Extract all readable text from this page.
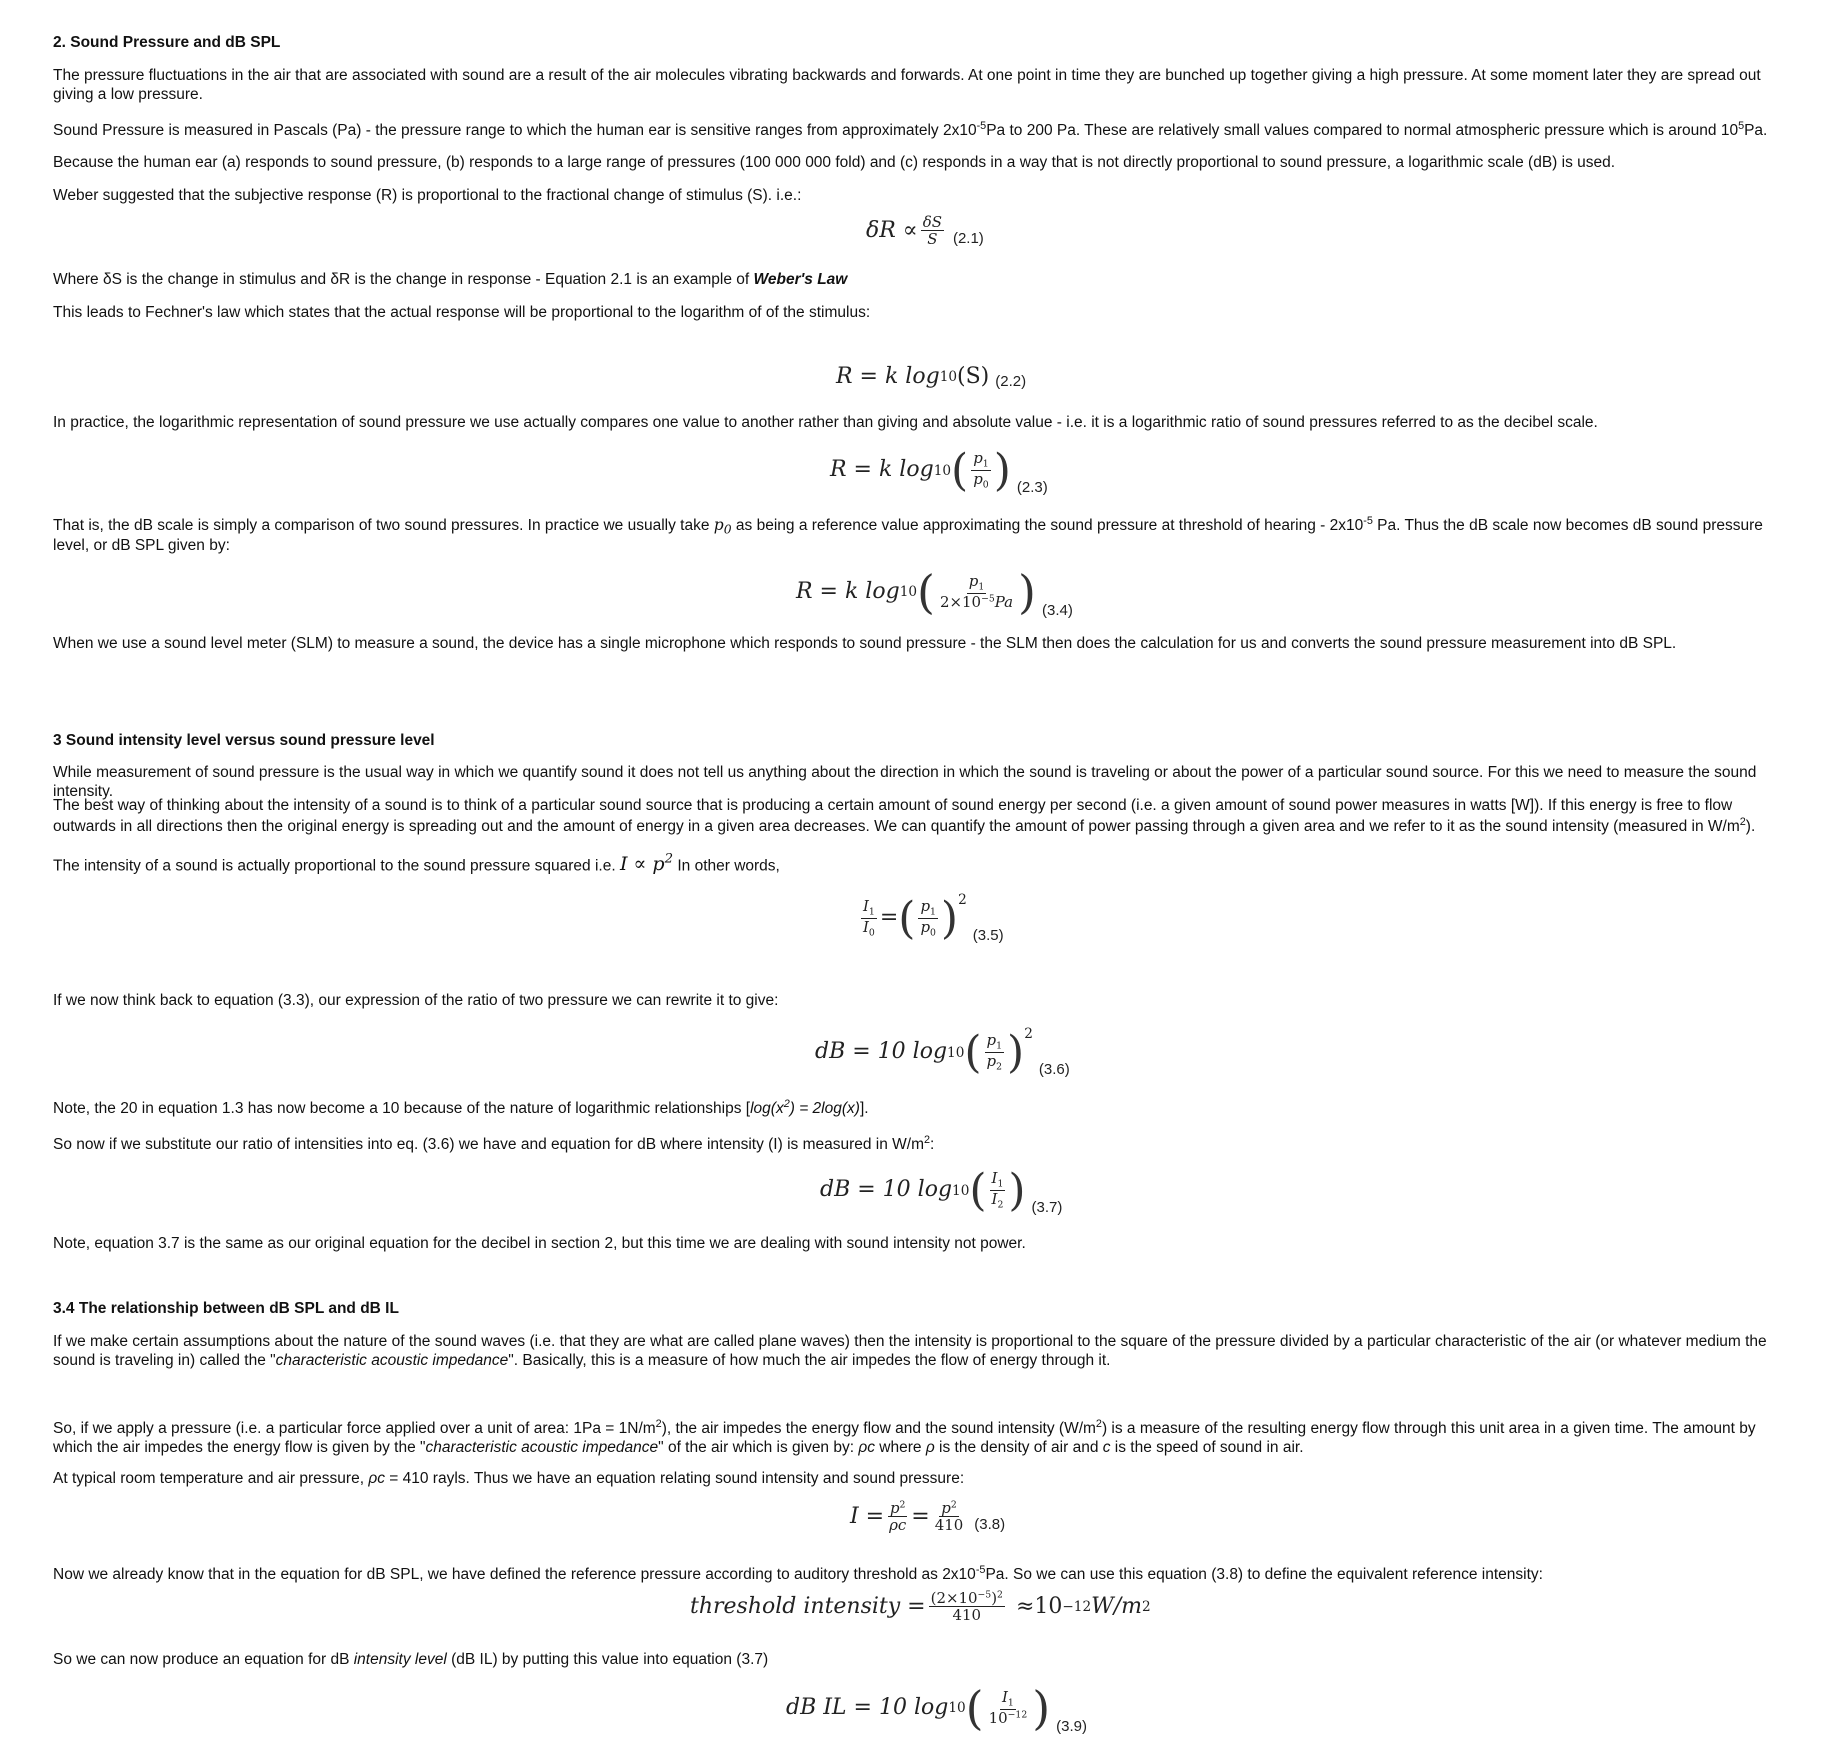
2. Sound Pressure and dB SPL

The pressure fluctuations in the air that are associated with sound are a result of the air molecules vibrating backwards and forwards. At one point in time they are bunched up together giving a high pressure. At some moment later they are spread out giving a low pressure.

Sound Pressure is measured in Pascals (Pa) - the pressure range to which the human ear is sensitive ranges from approximately $2x10^{-5}Pa$ to 200 Pa. These are relatively small values compared to normal atmospheric pressure which is around $10^5Pa$.

Because the human ear (a) responds to sound pressure, (b) responds to a large range of pressures (100 000 000 fold) and (c) responds in a way that is not directly proportional to sound pressure, a logarithmic scale (dB) is used.

Weber suggested that the subjective response (R) is proportional to the fractional change of stimulus (S). i.e.:

$\delta R \propto \frac{\delta S}{S} (2.1)$

Where δS is the change in stimulus and δR is the change in response - Equation 2.1 is an example of Weber's Law

This leads to Fechner's law which states that the actual response will be proportional to the logarithm of of the stimulus:

R = k log 10 (S) (2.2)

In practice, the logarithmic representation of sound pressure we use actually compares one value to another rather than giving and absolute value - i.e. it is a logarithmic ratio of sound pressures referred to as the decibel scale.

R = k log 10 ( $\frac{p_1}{p_0}$ ) (2.3)

That is, the dB scale is simply a comparison of two sound pressures. In practice we usually take $p_0$ as being a reference value approximating the sound pressure at threshold of hearing - $2x10^{-5}$ Pa. Thus the dB scale now becomes dB sound pressure level, or dB SPL given by:

R = k log 10 ( $\frac{p_1}{2\times 10^{-5}Pa}$ ) (3.4)

When we use a sound level meter (SLM) to measure a sound, the device has a single microphone which responds to sound pressure - the SLM then does the calculation for us and converts the sound pressure measurement into dB SPL.

3 Sound intensity level versus sound pressure level

While measurement of sound pressure is the usual way in which we quantify sound it does not tell us anything about the direction in which the sound is traveling or about the power of a particular sound source. For this we need to measure the sound intensity.

The best way of thinking about the intensity of a sound is to think of a particular sound source that is producing a certain amount of sound energy per second (i.e. a given amount of sound power measures in watts [W]). If this energy is free to flow outwards in all directions then the original energy is spreading out and the amount of energy in a given area decreases. We can quantify the amount of power passing through a given area and we refer to it as the sound intensity (measured in $W/m^2$).

The intensity of a sound is actually proportional to the sound pressure squared i.e. $I \propto p^2$ In other words,

$\frac{I_1}{I_0}$ = ( $\frac{p_1}{p_0}$ ) 2
(3.5)

If we now think back to equation (3.3), our expression of the ratio of two pressure we can rewrite it to give:

dB = 10 log 10 ( $\frac{p_1}{p_2}$ ) 2
(3.6)

Note, the 20 in equation 1.3 has now become a 10 because of the nature of logarithmic relationships $[\log(x^2) = 2\log(x)]$.

So now if we substitute our ratio of intensities into eq. (3.6) we have and equation for dB where intensity (I) is measured in $W/m^2$:

dB = 10 log 10 ( $\frac{I_1}{I_2}$ ) (3.7)

Note, equation 3.7 is the same as our original equation for the decibel in section 2, but this time we are dealing with sound intensity not power.

3.4 The relationship between dB SPL and dB IL

If we make certain assumptions about the nature of the sound waves (i.e. that they are what are called plane waves) then the intensity is proportional to the square of the pressure divided by a particular characteristic of the air (or whatever medium the sound is traveling in) called the "characteristic acoustic impedance". Basically, this is a measure of how much the air impedes the flow of energy through it.

So, if we apply a pressure (i.e. a particular force applied over a unit of area: $1Pa = 1N/m^2$), the air impedes the energy flow and the sound intensity $(W/m^2)$ is a measure of the resulting energy flow through this unit area in a given time. The amount by which the air impedes the energy flow is given by the "characteristic acoustic impedance" of the air which is given by: ρc where ρ is the density of air and c is the speed of sound in air.

At typical room temperature and air pressure, ρc = 410 rayls. Thus we have an equation relating sound intensity and sound pressure:

$I = \frac{p^2}{\rho c} = \frac{p^2}{410} (3.8)$

Now we already know that in the equation for dB SPL, we have defined the reference pressure according to auditory threshold as $2x10^{-5}Pa$. So we can use this equation (3.8) to define the equivalent reference intensity:

threshold intensity = $\frac{(2\times 10^{-5})^2}{410} \approx 10 -12$ W/m 2

So we can now produce an equation for dB intensity level (dB IL) by putting this value into equation (3.7)

dB IL = 10 log 10 ( $\frac{I_1}{10^{-12}}$ ) (3.9)
